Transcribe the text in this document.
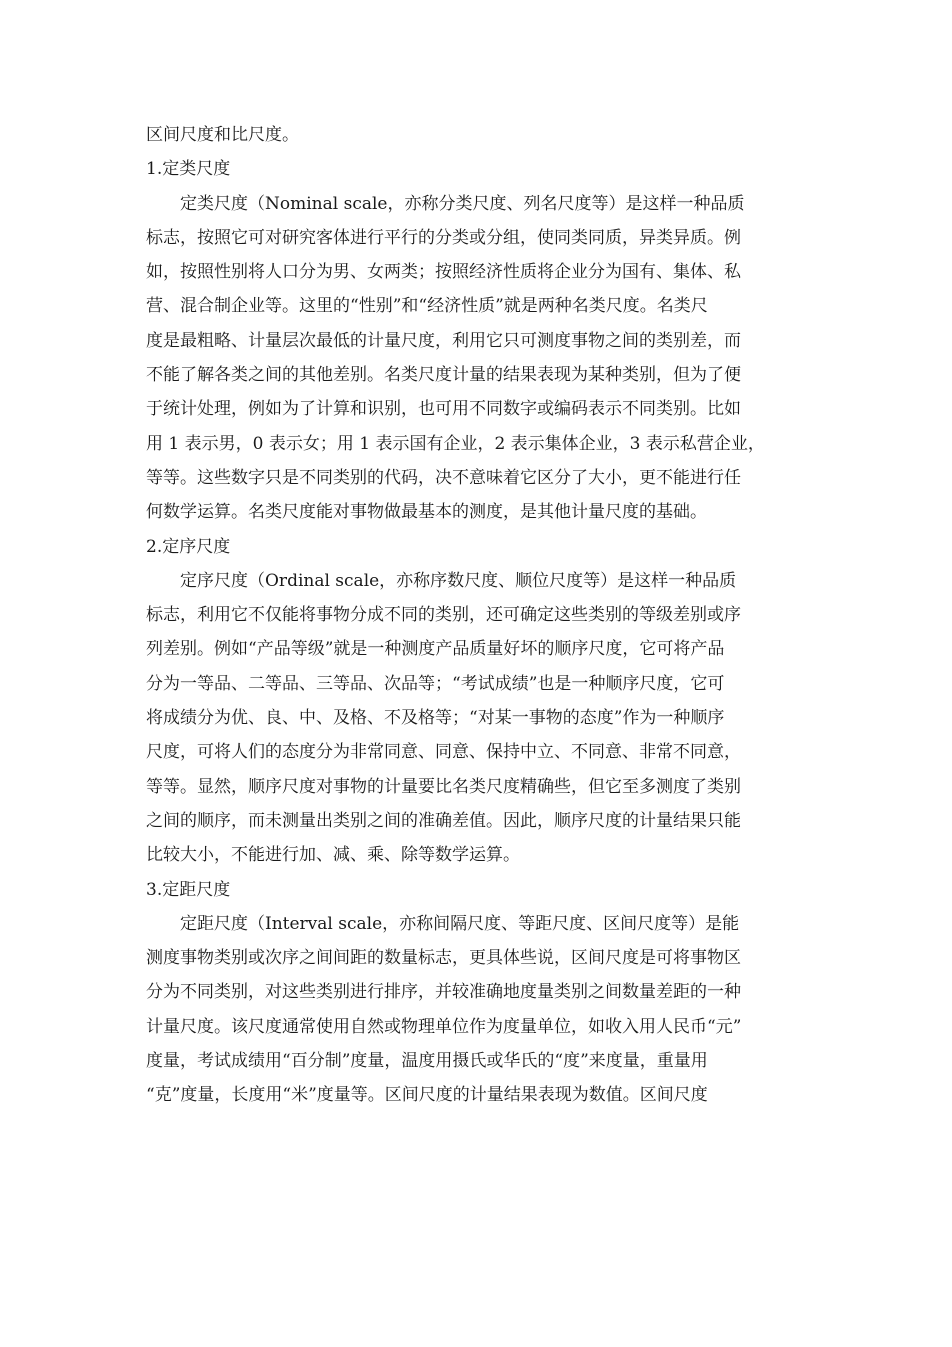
区间尺度和比尺度。
1.定类尺度
　　定类尺度（Nominal scale，亦称分类尺度、列名尺度等）是这样一种品质
标志，按照它可对研究客体进行平行的分类或分组，使同类同质，异类异质。例
如，按照性别将人口分为男、女两类；按照经济性质将企业分为国有、集体、私
营、混合制企业等。这里的“性别”和“经济性质”就是两种名类尺度。名类尺
度是最粗略、计量层次最低的计量尺度，利用它只可测度事物之间的类别差，而
不能了解各类之间的其他差别。名类尺度计量的结果表现为某种类别，但为了便
于统计处理，例如为了计算和识别，也可用不同数字或编码表示不同类别。比如
用 1 表示男，0 表示女；用 1 表示国有企业，2 表示集体企业，3 表示私营企业，
等等。这些数字只是不同类别的代码，决不意味着它区分了大小，更不能进行任
何数学运算。名类尺度能对事物做最基本的测度，是其他计量尺度的基础。
2.定序尺度
　　定序尺度（Ordinal scale，亦称序数尺度、顺位尺度等）是这样一种品质
标志，利用它不仅能将事物分成不同的类别，还可确定这些类别的等级差别或序
列差别。例如“产品等级”就是一种测度产品质量好坏的顺序尺度，它可将产品
分为一等品、二等品、三等品、次品等；“考试成绩”也是一种顺序尺度，它可
将成绩分为优、良、中、及格、不及格等；“对某一事物的态度”作为一种顺序
尺度，可将人们的态度分为非常同意、同意、保持中立、不同意、非常不同意，
等等。显然，顺序尺度对事物的计量要比名类尺度精确些，但它至多测度了类别
之间的顺序，而未测量出类别之间的准确差值。因此，顺序尺度的计量结果只能
比较大小，不能进行加、减、乘、除等数学运算。
3.定距尺度
　　定距尺度（Interval scale，亦称间隔尺度、等距尺度、区间尺度等）是能
测度事物类别或次序之间间距的数量标志，更具体些说，区间尺度是可将事物区
分为不同类别，对这些类别进行排序，并较准确地度量类别之间数量差距的一种
计量尺度。该尺度通常使用自然或物理单位作为度量单位，如收入用人民币“元”
度量，考试成绩用“百分制”度量，温度用摄氏或华氏的“度”来度量，重量用
“克”度量，长度用“米”度量等。区间尺度的计量结果表现为数值。区间尺度
